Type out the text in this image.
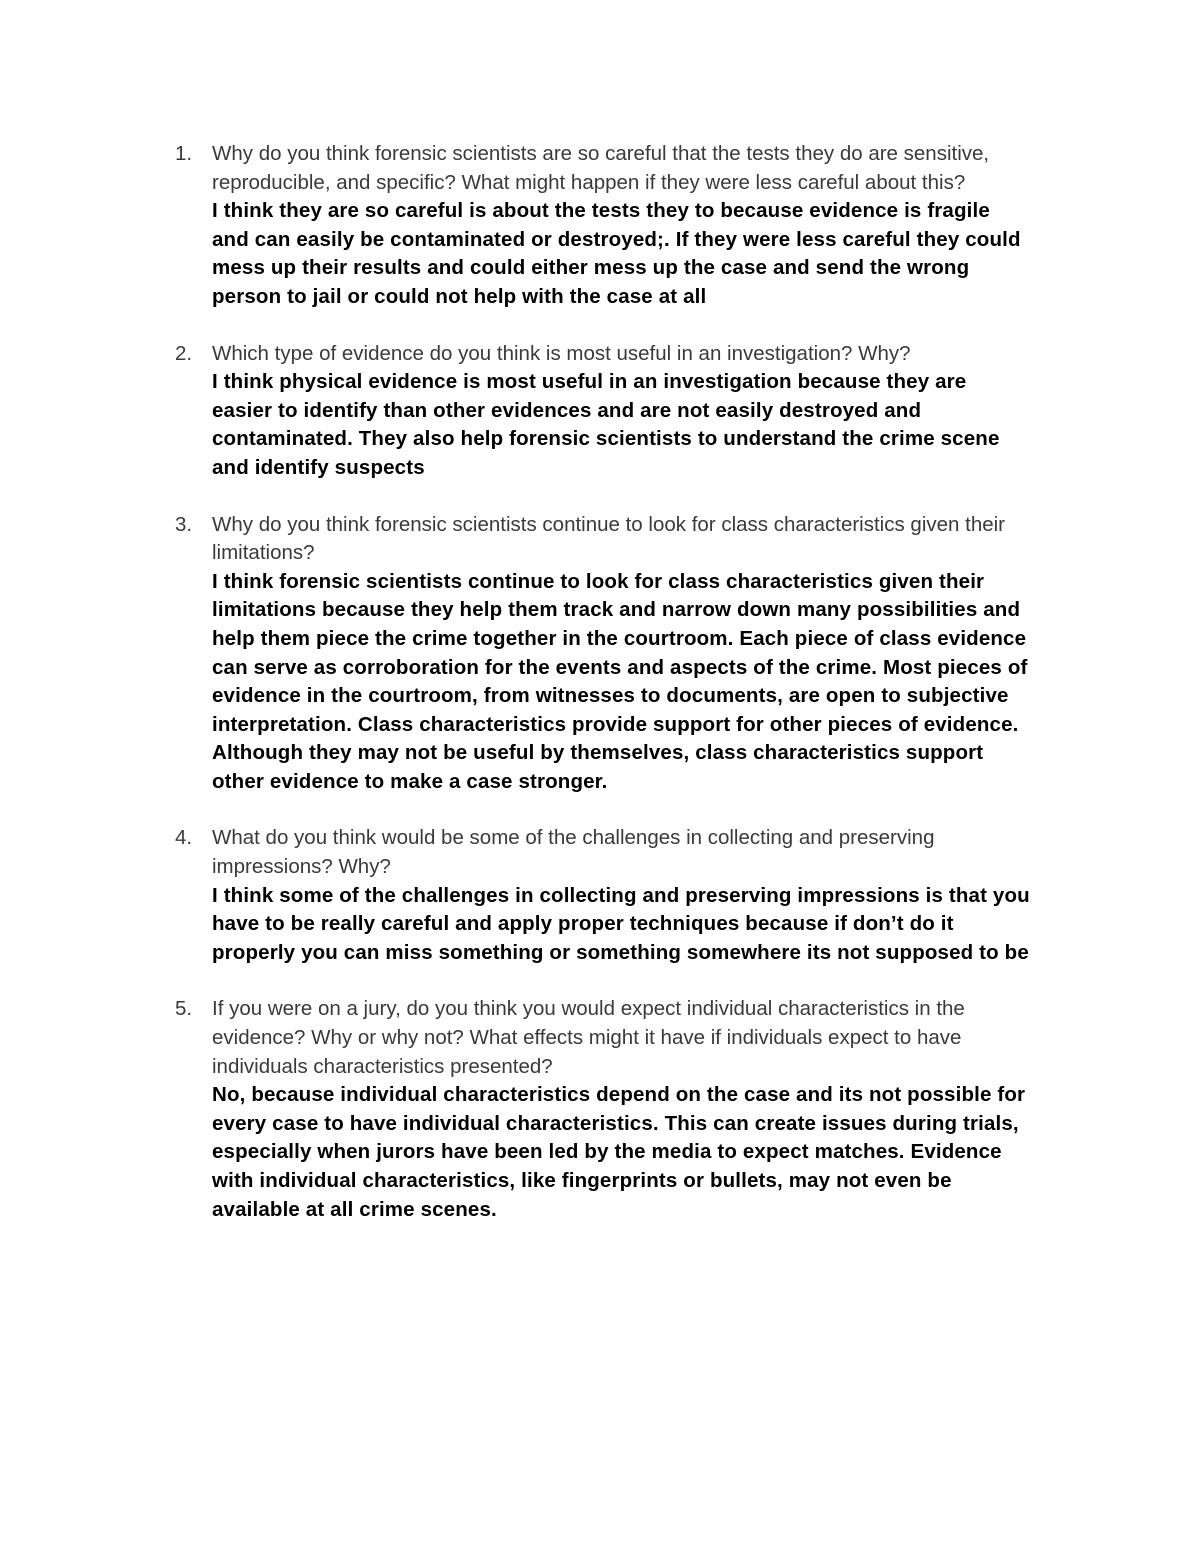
1. Why do you think forensic scientists are so careful that the tests they do are sensitive,
reproducible, and specific? What might happen if they were less careful about this?
I think they are so careful is about the tests they to because evidence is fragile
and can easily be contaminated or destroyed;. If they were less careful they could
mess up their results and could either mess up the case and send the wrong
person to jail or could not help with the case at all
2. Which type of evidence do you think is most useful in an investigation? Why?
I think physical evidence is most useful in an investigation because they are
easier to identify than other evidences and are not easily destroyed and
contaminated. They also help forensic scientists to understand the crime scene
and identify suspects
3. Why do you think forensic scientists continue to look for class characteristics given their
limitations?
I think forensic scientists continue to look for class characteristics given their
limitations because they help them track and narrow down many possibilities and
help them piece the crime together in the courtroom. Each piece of class evidence
can serve as corroboration for the events and aspects of the crime. Most pieces of
evidence in the courtroom, from witnesses to documents, are open to subjective
interpretation. Class characteristics provide support for other pieces of evidence.
Although they may not be useful by themselves, class characteristics support
other evidence to make a case stronger.
4. What do you think would be some of the challenges in collecting and preserving
impressions? Why?
I think some of the challenges in collecting and preserving impressions is that you
have to be really careful and apply proper techniques because if don’t do it
properly you can miss something or something somewhere its not supposed to be
5. If you were on a jury, do you think you would expect individual characteristics in the
evidence? Why or why not? What effects might it have if individuals expect to have
individuals characteristics presented?
No, because individual characteristics depend on the case and its not possible for
every case to have individual characteristics. This can create issues during trials,
especially when jurors have been led by the media to expect matches. Evidence
with individual characteristics, like fingerprints or bullets, may not even be
available at all crime scenes.
